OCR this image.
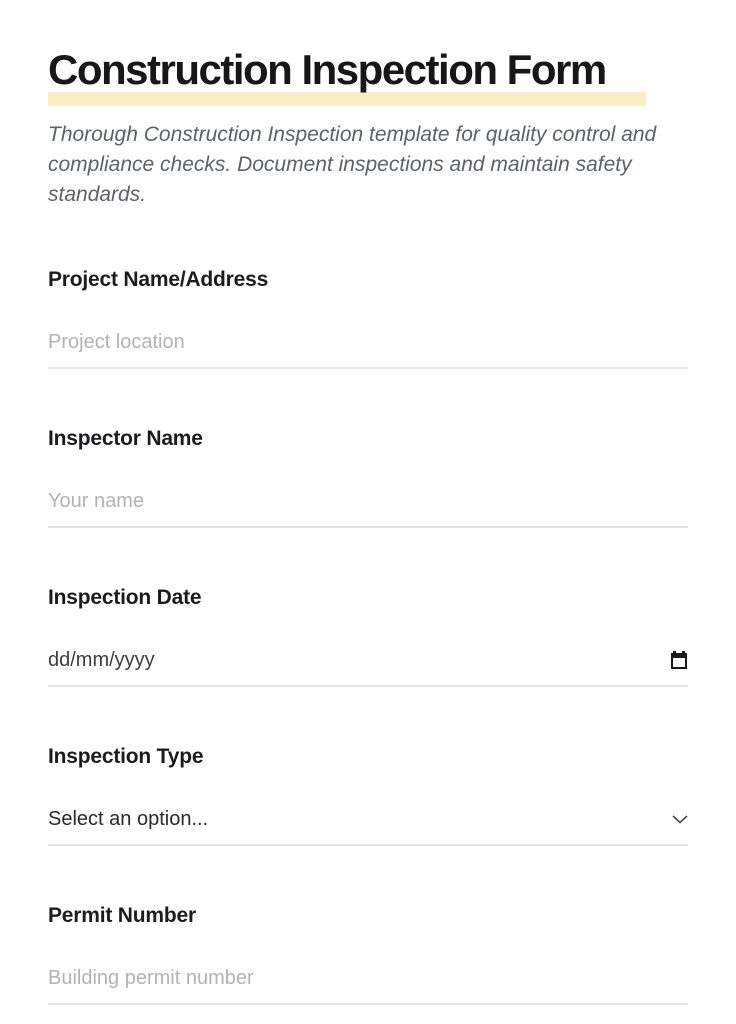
Construction Inspection Form
Thorough Construction Inspection template for quality control and
compliance checks. Document inspections and maintain safety
standards.
Project Name/Address
Project location
Inspector Name
Your name
Inspection Date
dd/mm/yyyy
Inspection Type
Select an option...
Permit Number
Building permit number
